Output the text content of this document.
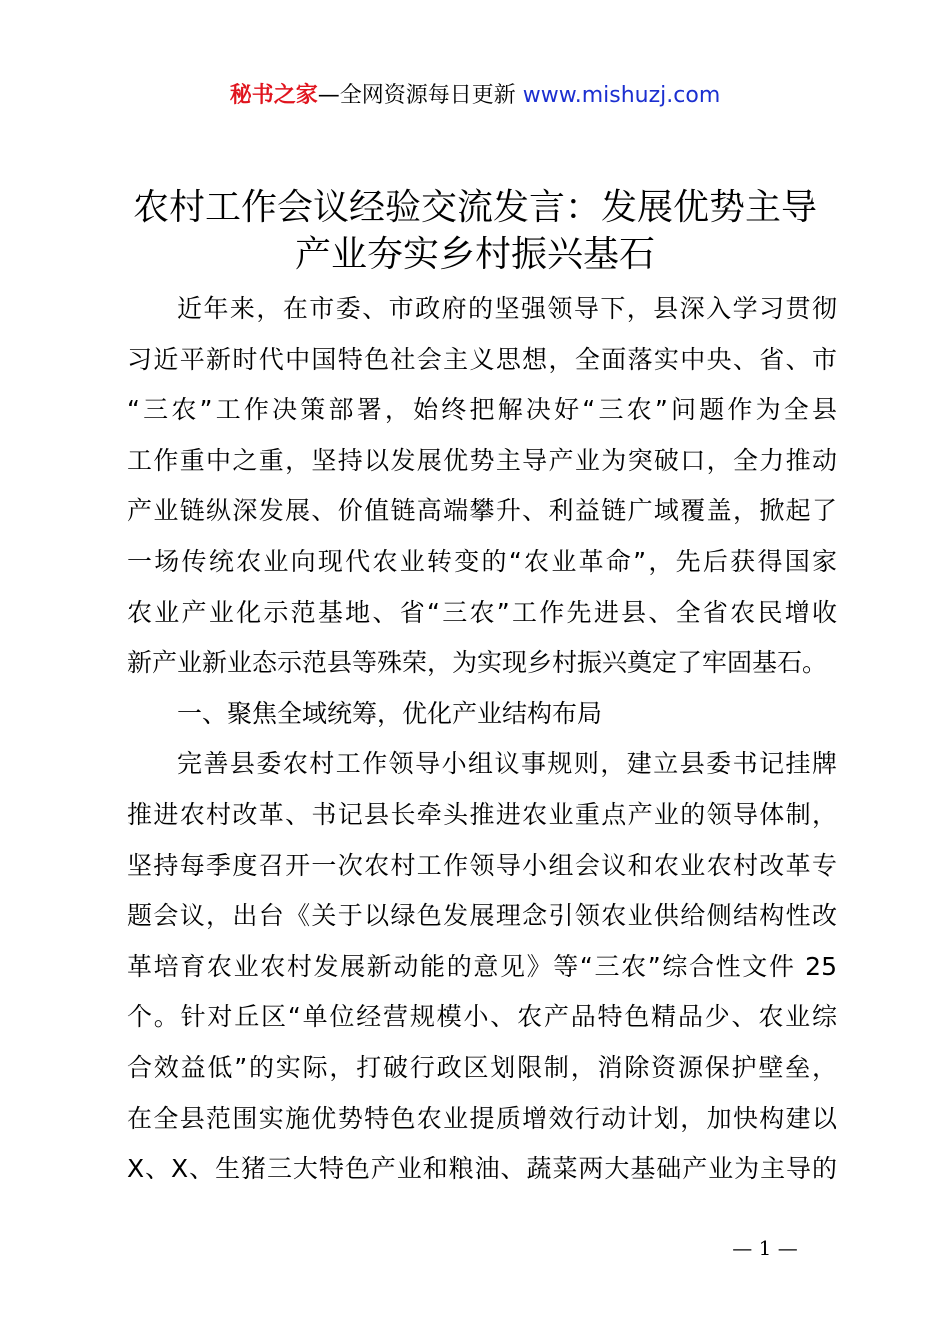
秘书之家—全网资源每日更新 www.mishuzj.com
农村工作会议经验交流发言：发展优势主导
产业夯实乡村振兴基石
近年来，在市委、市政府的坚强领导下，县深入学习贯彻
习近平新时代中国特色社会主义思想，全面落实中央、省、市
“三农”工作决策部署，始终把解决好“三农”问题作为全县
工作重中之重，坚持以发展优势主导产业为突破口，全力推动
产业链纵深发展、价值链高端攀升、利益链广域覆盖，掀起了
一场传统农业向现代农业转变的“农业革命”，先后获得国家
农业产业化示范基地、省“三农”工作先进县、全省农民增收
新产业新业态示范县等殊荣，为实现乡村振兴奠定了牢固基石。
一、聚焦全域统筹，优化产业结构布局
完善县委农村工作领导小组议事规则，建立县委书记挂牌
推进农村改革、书记县长牵头推进农业重点产业的领导体制，
坚持每季度召开一次农村工作领导小组会议和农业农村改革专
题会议，出台《关于以绿色发展理念引领农业供给侧结构性改
革培育农业农村发展新动能的意见》等“三农”综合性文件 25
个。针对丘区“单位经营规模小、农产品特色精品少、农业综
合效益低”的实际，打破行政区划限制，消除资源保护壁垒，
在全县范围实施优势特色农业提质增效行动计划，加快构建以
X、X、生猪三大特色产业和粮油、蔬菜两大基础产业为主导的
— 1 —
